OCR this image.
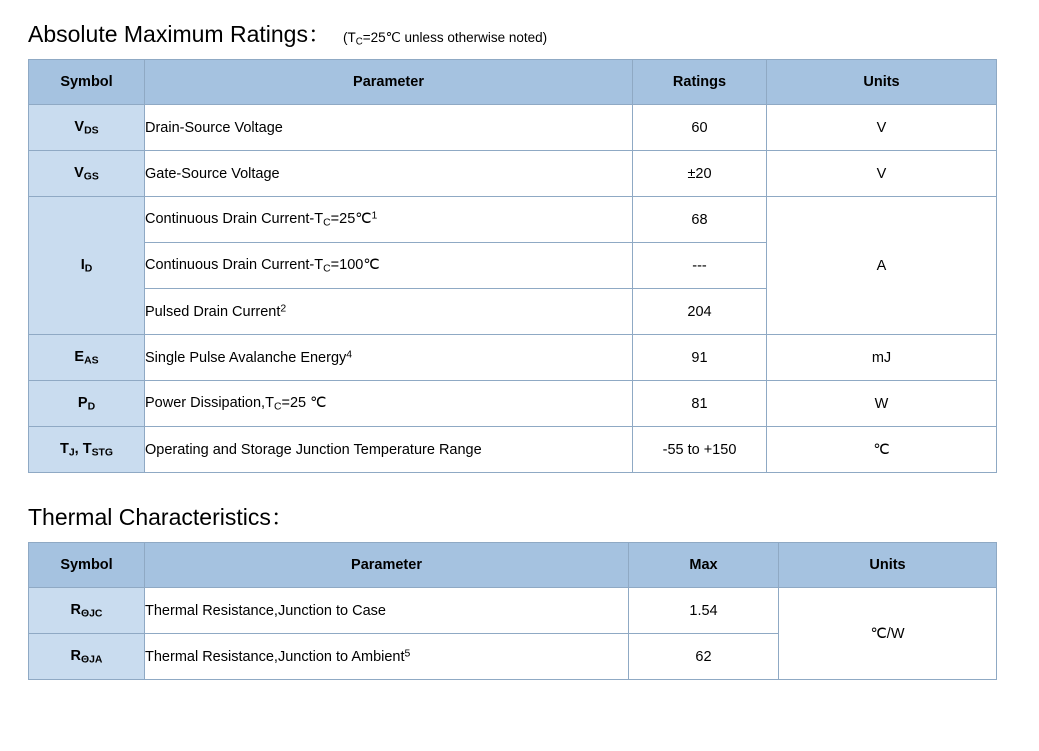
Absolute Maximum Ratings ： ($T_C=25℃$ unless otherwise noted)
Symbol	Parameter	Ratings	Units
$V_{DS}$	Drain-Source Voltage	60	V
$V_{GS}$	Gate-Source Voltage	±20	V
$I_D$	Continuous Drain Current-$T_C=25℃^1$	68	A
	Continuous Drain Current-$T_C=100℃$	---	
	Pulsed Drain Current$^2$	204	
$E_{AS}$	Single Pulse Avalanche Energy$^4$	91	mJ
$P_D$	Power $Dissipation,T_C=25$ ℃	81	W
$T_J$, $T_{STG}$	Operating and Storage Junction Temperature Range	-55 to +150	℃
Thermal Characteristics ：
Symbol	Parameter	Max	Units
$R_{\Theta JC}$	Thermal Resistance,Junction to Case	1.54	℃/W
$R_{\Theta JA}$	Thermal Resistance,Junction to Ambient$^5$	62	
